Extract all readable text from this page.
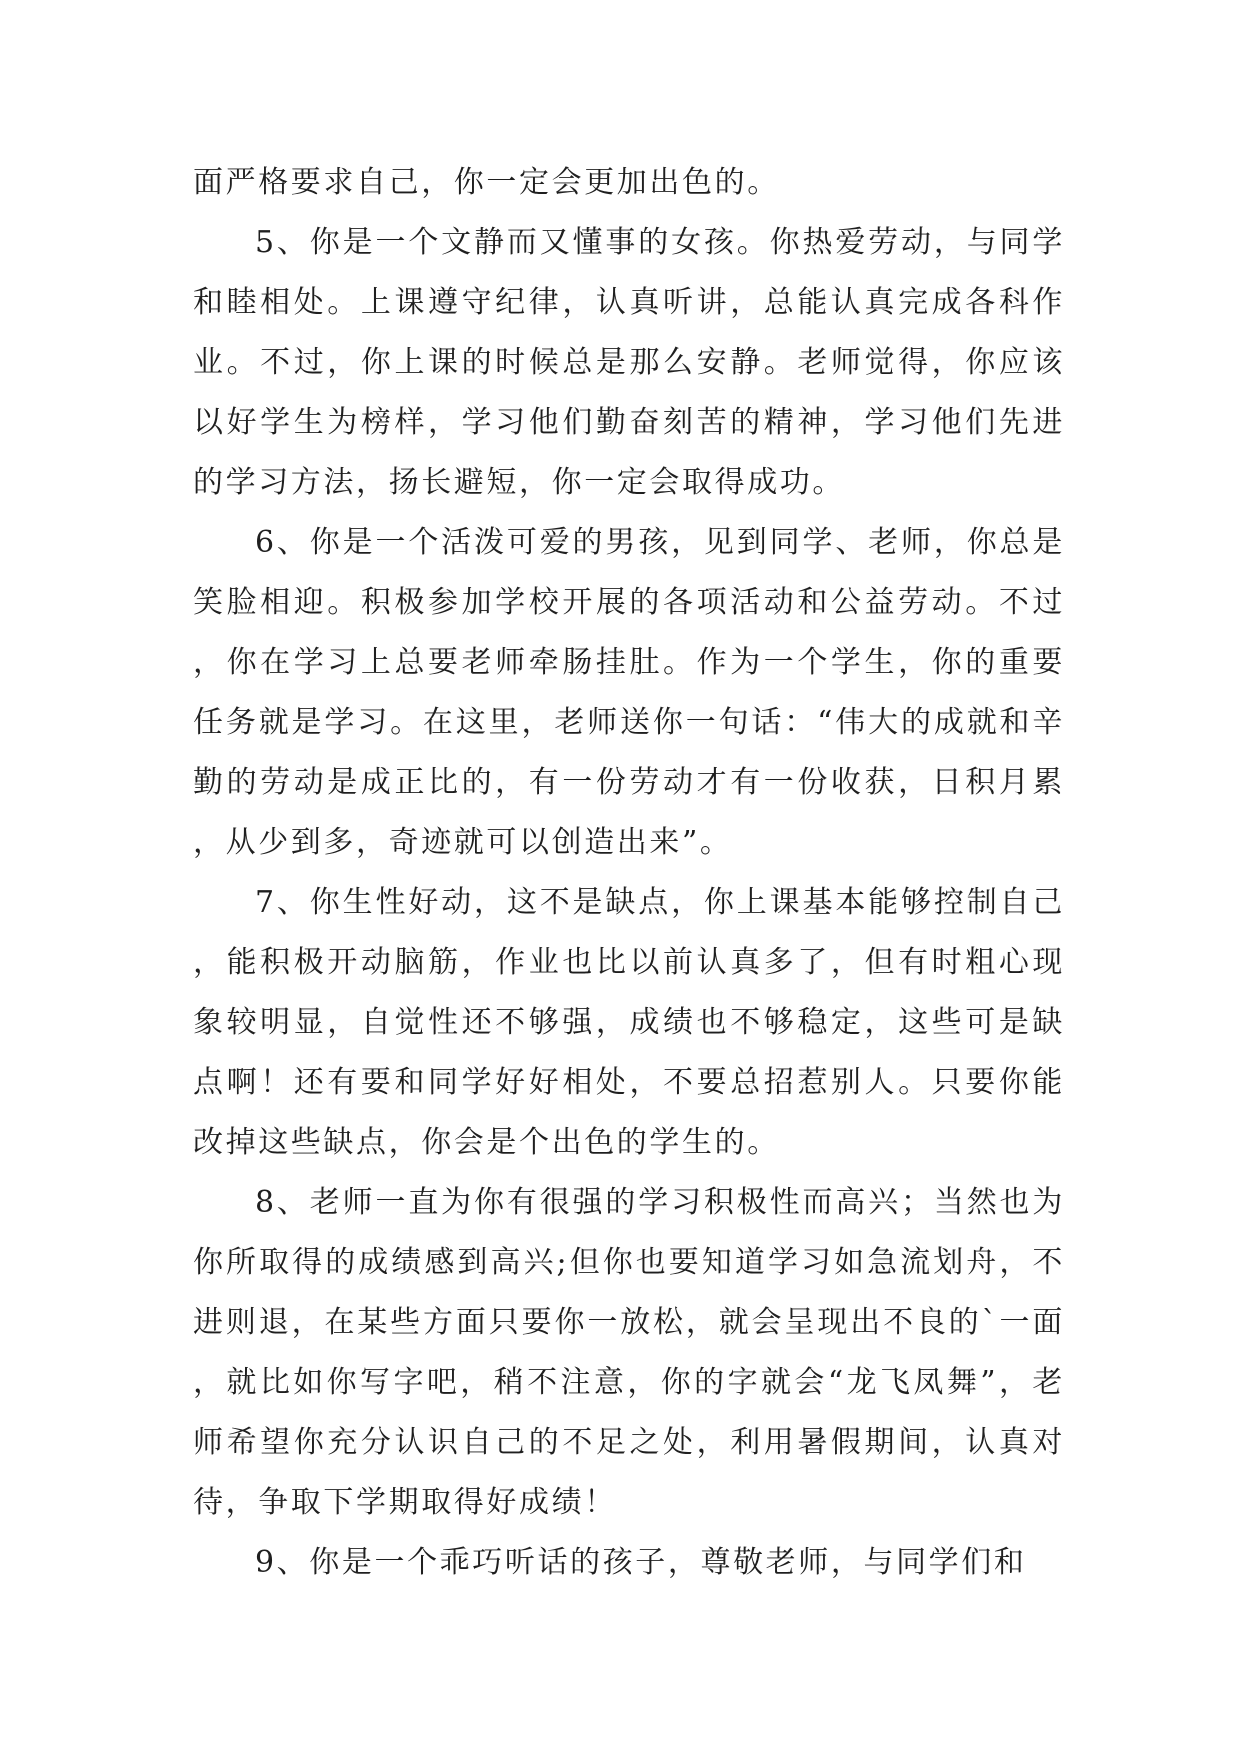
面严格要求自己，你一定会更加出色的。

5、你是一个文静而又懂事的女孩。你热爱劳动，与同学和睦相处。上课遵守纪律，认真听讲，总能认真完成各科作业。不过，你上课的时候总是那么安静。老师觉得，你应该以好学生为榜样，学习他们勤奋刻苦的精神，学习他们先进的学习方法，扬长避短，你一定会取得成功。

6、你是一个活泼可爱的男孩，见到同学、老师，你总是笑脸相迎。积极参加学校开展的各项活动和公益劳动。不过，你在学习上总要老师牵肠挂肚。作为一个学生，你的重要任务就是学习。在这里，老师送你一句话：“伟大的成就和辛勤的劳动是成正比的，有一份劳动才有一份收获，日积月累，从少到多，奇迹就可以创造出来”。

7、你生性好动，这不是缺点，你上课基本能够控制自己，能积极开动脑筋，作业也比以前认真多了，但有时粗心现象较明显，自觉性还不够强，成绩也不够稳定，这些可是缺点啊！还有要和同学好好相处，不要总招惹别人。只要你能改掉这些缺点，你会是个出色的学生的。

8、老师一直为你有很强的学习积极性而高兴；当然也为你所取得的成绩感到高兴;但你也要知道学习如急流划舟，不进则退，在某些方面只要你一放松，就会呈现出不良的`一面，就比如你写字吧，稍不注意，你的字就会“龙飞凤舞”，老师希望你充分认识自己的不足之处，利用暑假期间，认真对待，争取下学期取得好成绩！

9、你是一个乖巧听话的孩子，尊敬老师，与同学们和
